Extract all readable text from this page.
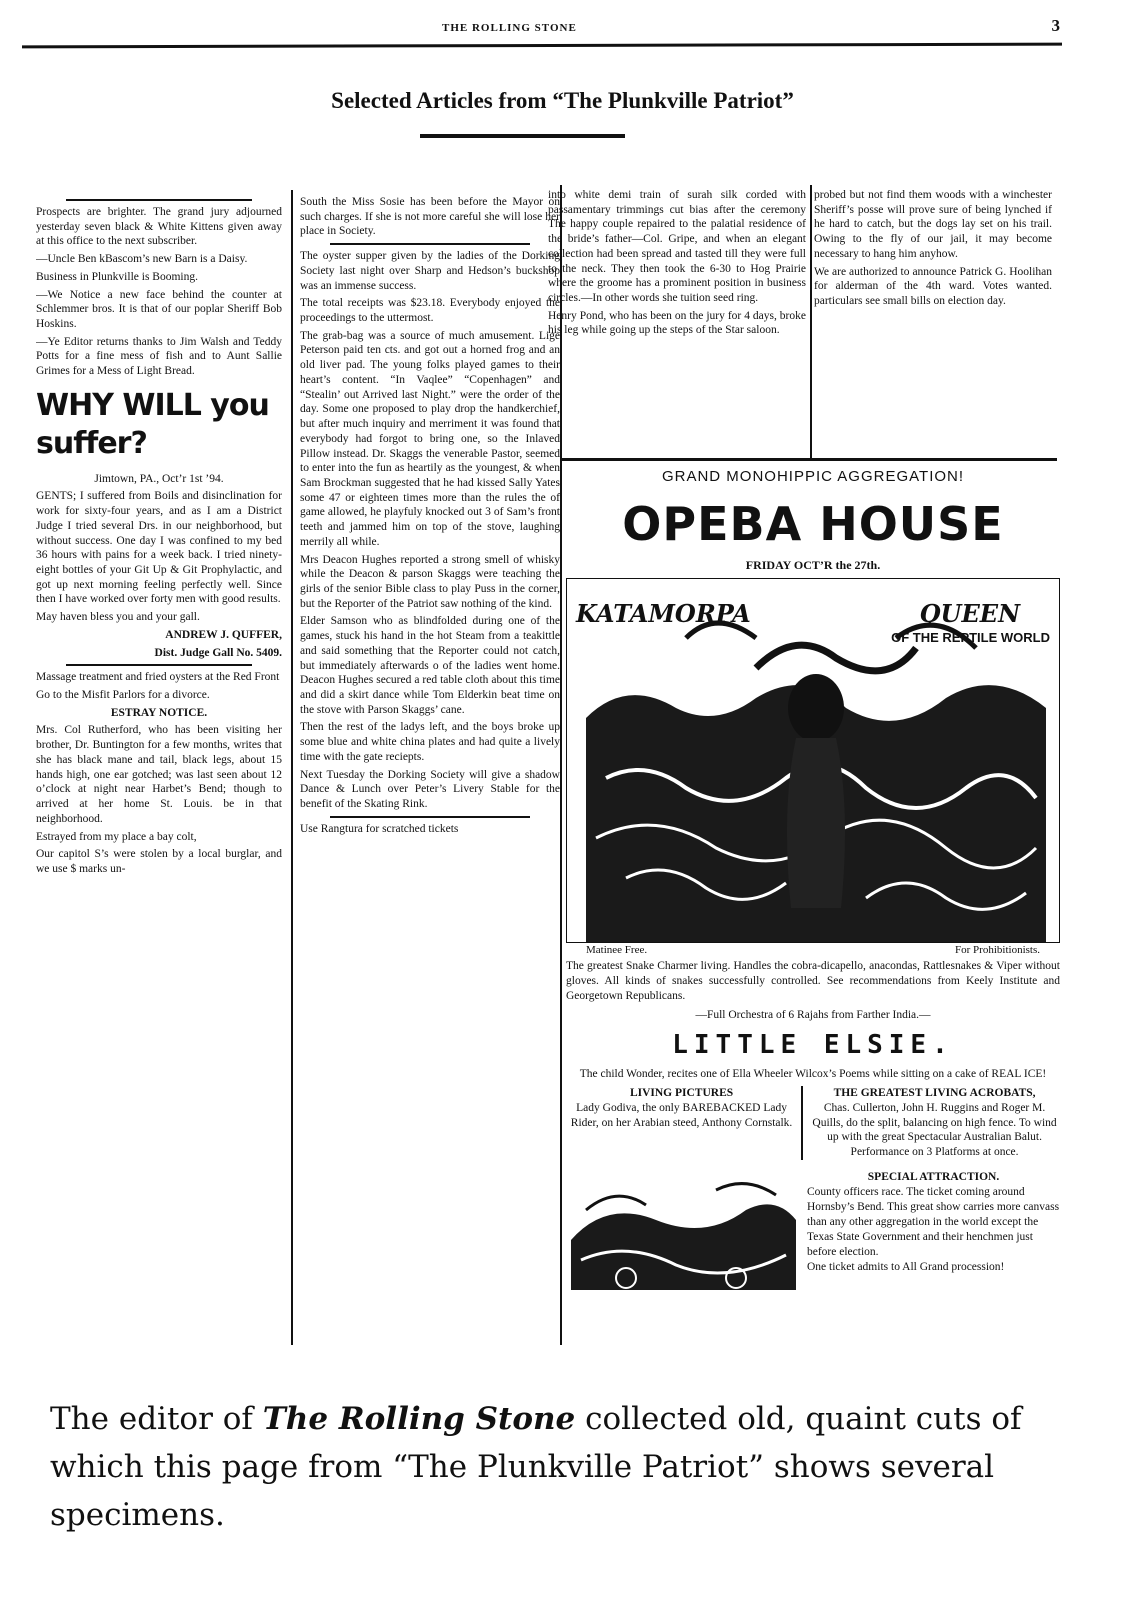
THE ROLLING STONE	3
Selected Articles from “The Plunkville Patriot”

Prospects are brighter. The grand jury adjourned yesterday seven black & White Kittens given away at this office to the next subscriber.

—Uncle Ben kBascom’s new Barn is a Daisy.

Business in Plunkville is Booming.

—We Notice a new face behind the counter at Schlemmer bros. It is that of our poplar Sheriff Bob Hoskins.

—Ye Editor returns thanks to Jim Walsh and Teddy Potts for a fine mess of fish and to Aunt Sallie Grimes for a Mess of Light Bread.

WHY WILL you suffer?

Jimtown, PA., Oct’r 1st ’94.

GENTS; I suffered from Boils and disinclination for work for sixty-four years, and as I am a District Judge I tried several Drs. in our neighborhood, but without success. One day I was confined to my bed 36 hours with pains for a week back. I tried ninety-eight bottles of your Git Up & Git Prophylactic, and got up next morning feeling perfectly well. Since then I have worked over forty men with good results.

May haven bless you and your gall.

ANDREW J. QUFFER,

Dist. Judge Gall No. 5409.

Massage treatment and fried oysters at the Red Front

Go to the Misfit Parlors for a divorce.

ESTRAY NOTICE.

Mrs. Col Rutherford, who has been visiting her brother, Dr. Buntington for a few months, writes that she has black mane and tail, black legs, about 15 hands high, one ear gotched; was last seen about 12 o’clock at night near Harbet’s Bend; though to arrived at her home St. Louis. be in that neighborhood.

Estrayed from my place a bay colt,

Our capitol S’s were stolen by a local burglar, and we use $ marks un-

South the Miss Sosie has been before the Mayor on such charges. If she is not more careful she will lose her place in Society.

The oyster supper given by the ladies of the Dorking Society last night over Sharp and Hedson’s buckshop was an immense success.

The total receipts was $23.18. Everybody enjoyed the proceedings to the uttermost.

The grab-bag was a source of much amusement. Lige Peterson paid ten cts. and got out a horned frog and an old liver pad. The young folks played games to their heart’s content. “In Vaqlee” “Copenhagen” and “Stealin’ out Arrived last Night.” were the order of the day. Some one proposed to play drop the handkerchief, but after much inquiry and merriment it was found that everybody had forgot to bring one, so the Inlaved Pillow instead. Dr. Skaggs the venerable Pastor, seemed to enter into the fun as heartily as the youngest, & when Sam Brockman suggested that he had kissed Sally Yates some 47 or eighteen times more than the rules the of game allowed, he playfuly knocked out 3 of Sam’s front teeth and jammed him on top of the stove, laughing merrily all while.

Mrs Deacon Hughes reported a strong smell of whisky while the Deacon & parson Skaggs were teaching the girls of the senior Bible class to play Puss in the corner, but the Reporter of the Patriot saw nothing of the kind.

Elder Samson who as blindfolded during one of the games, stuck his hand in the hot Steam from a teakittle and said something that the Reporter could not catch, but immediately afterwards o of the ladies went home. Deacon Hughes secured a red table cloth about this time and did a skirt dance while Tom Elderkin beat time on the stove with Parson Skaggs’ cane.

Then the rest of the ladys left, and the boys broke up some blue and white china plates and had quite a lively time with the gate reciepts.

Next Tuesday the Dorking Society will give a shadow Dance & Lunch over Peter’s Livery Stable for the benefit of the Skating Rink.

Use Rangtura for scratched tickets

into white demi train of surah silk corded with passamentary trimmings cut bias after the ceremony The happy couple repaired to the palatial residence of the bride’s father—Col. Gripe, and when an elegant collection had been spread and tasted till they were full to the neck. They then took the 6-30 to Hog Prairie where the groome has a prominent position in business circles.—In other words she tuition seed ring.

Henry Pond, who has been on the jury for 4 days, broke his leg while going up the steps of the Star saloon.

probed but not find them woods with a winchester Sheriff’s posse will prove sure of being lynched if he hard to catch, but the dogs lay set on his trail. Owing to the fly of our jail, it may become necessary to hang him anyhow.

We are authorized to announce Patrick G. Hoolihan for alderman of the 4th ward. Votes wanted. particulars see small bills on election day.

GRAND MONOHIPPIC AGGREGATION!
OPEBA HOUSE
FRIDAY OCT’R the 27th.
KATAMORPA	QUEEN
OF THE REPTILE WORLD
Matinee Free.	For Prohibitionists.

The greatest Snake Charmer living. Handles the cobra-dicapello, anacondas, Rattlesnakes & Viper without gloves. All kinds of snakes successfully controlled. See recommendations from Keely Institute and Georgetown Republicans.

—Full Orchestra of 6 Rajahs from Farther India.—

LITTLE ELSIE.

The child Wonder, recites one of Ella Wheeler Wilcox’s Poems while sitting on a cake of REAL ICE!

LIVING PICTURES

Lady Godiva, the only BAREBACKED Lady Rider, on her Arabian steed, Anthony Cornstalk.

THE GREATEST LIVING ACROBATS,

Chas. Cullerton, John H. Ruggins and Roger M. Quills, do the split, balancing on high fence. To wind up with the great Spectacular Australian Balut. Performance on 3 Platforms at once.

SPECIAL ATTRACTION.

County officers race. The ticket coming around Hornsby’s Bend. This great show carries more canvass than any other aggregation in the world except the Texas State Government and their henchmen just before election.

One ticket admits to All Grand procession!

The editor of The Rolling Stone collected old, quaint cuts of which this page from “The Plunkville Patriot” shows several specimens.
